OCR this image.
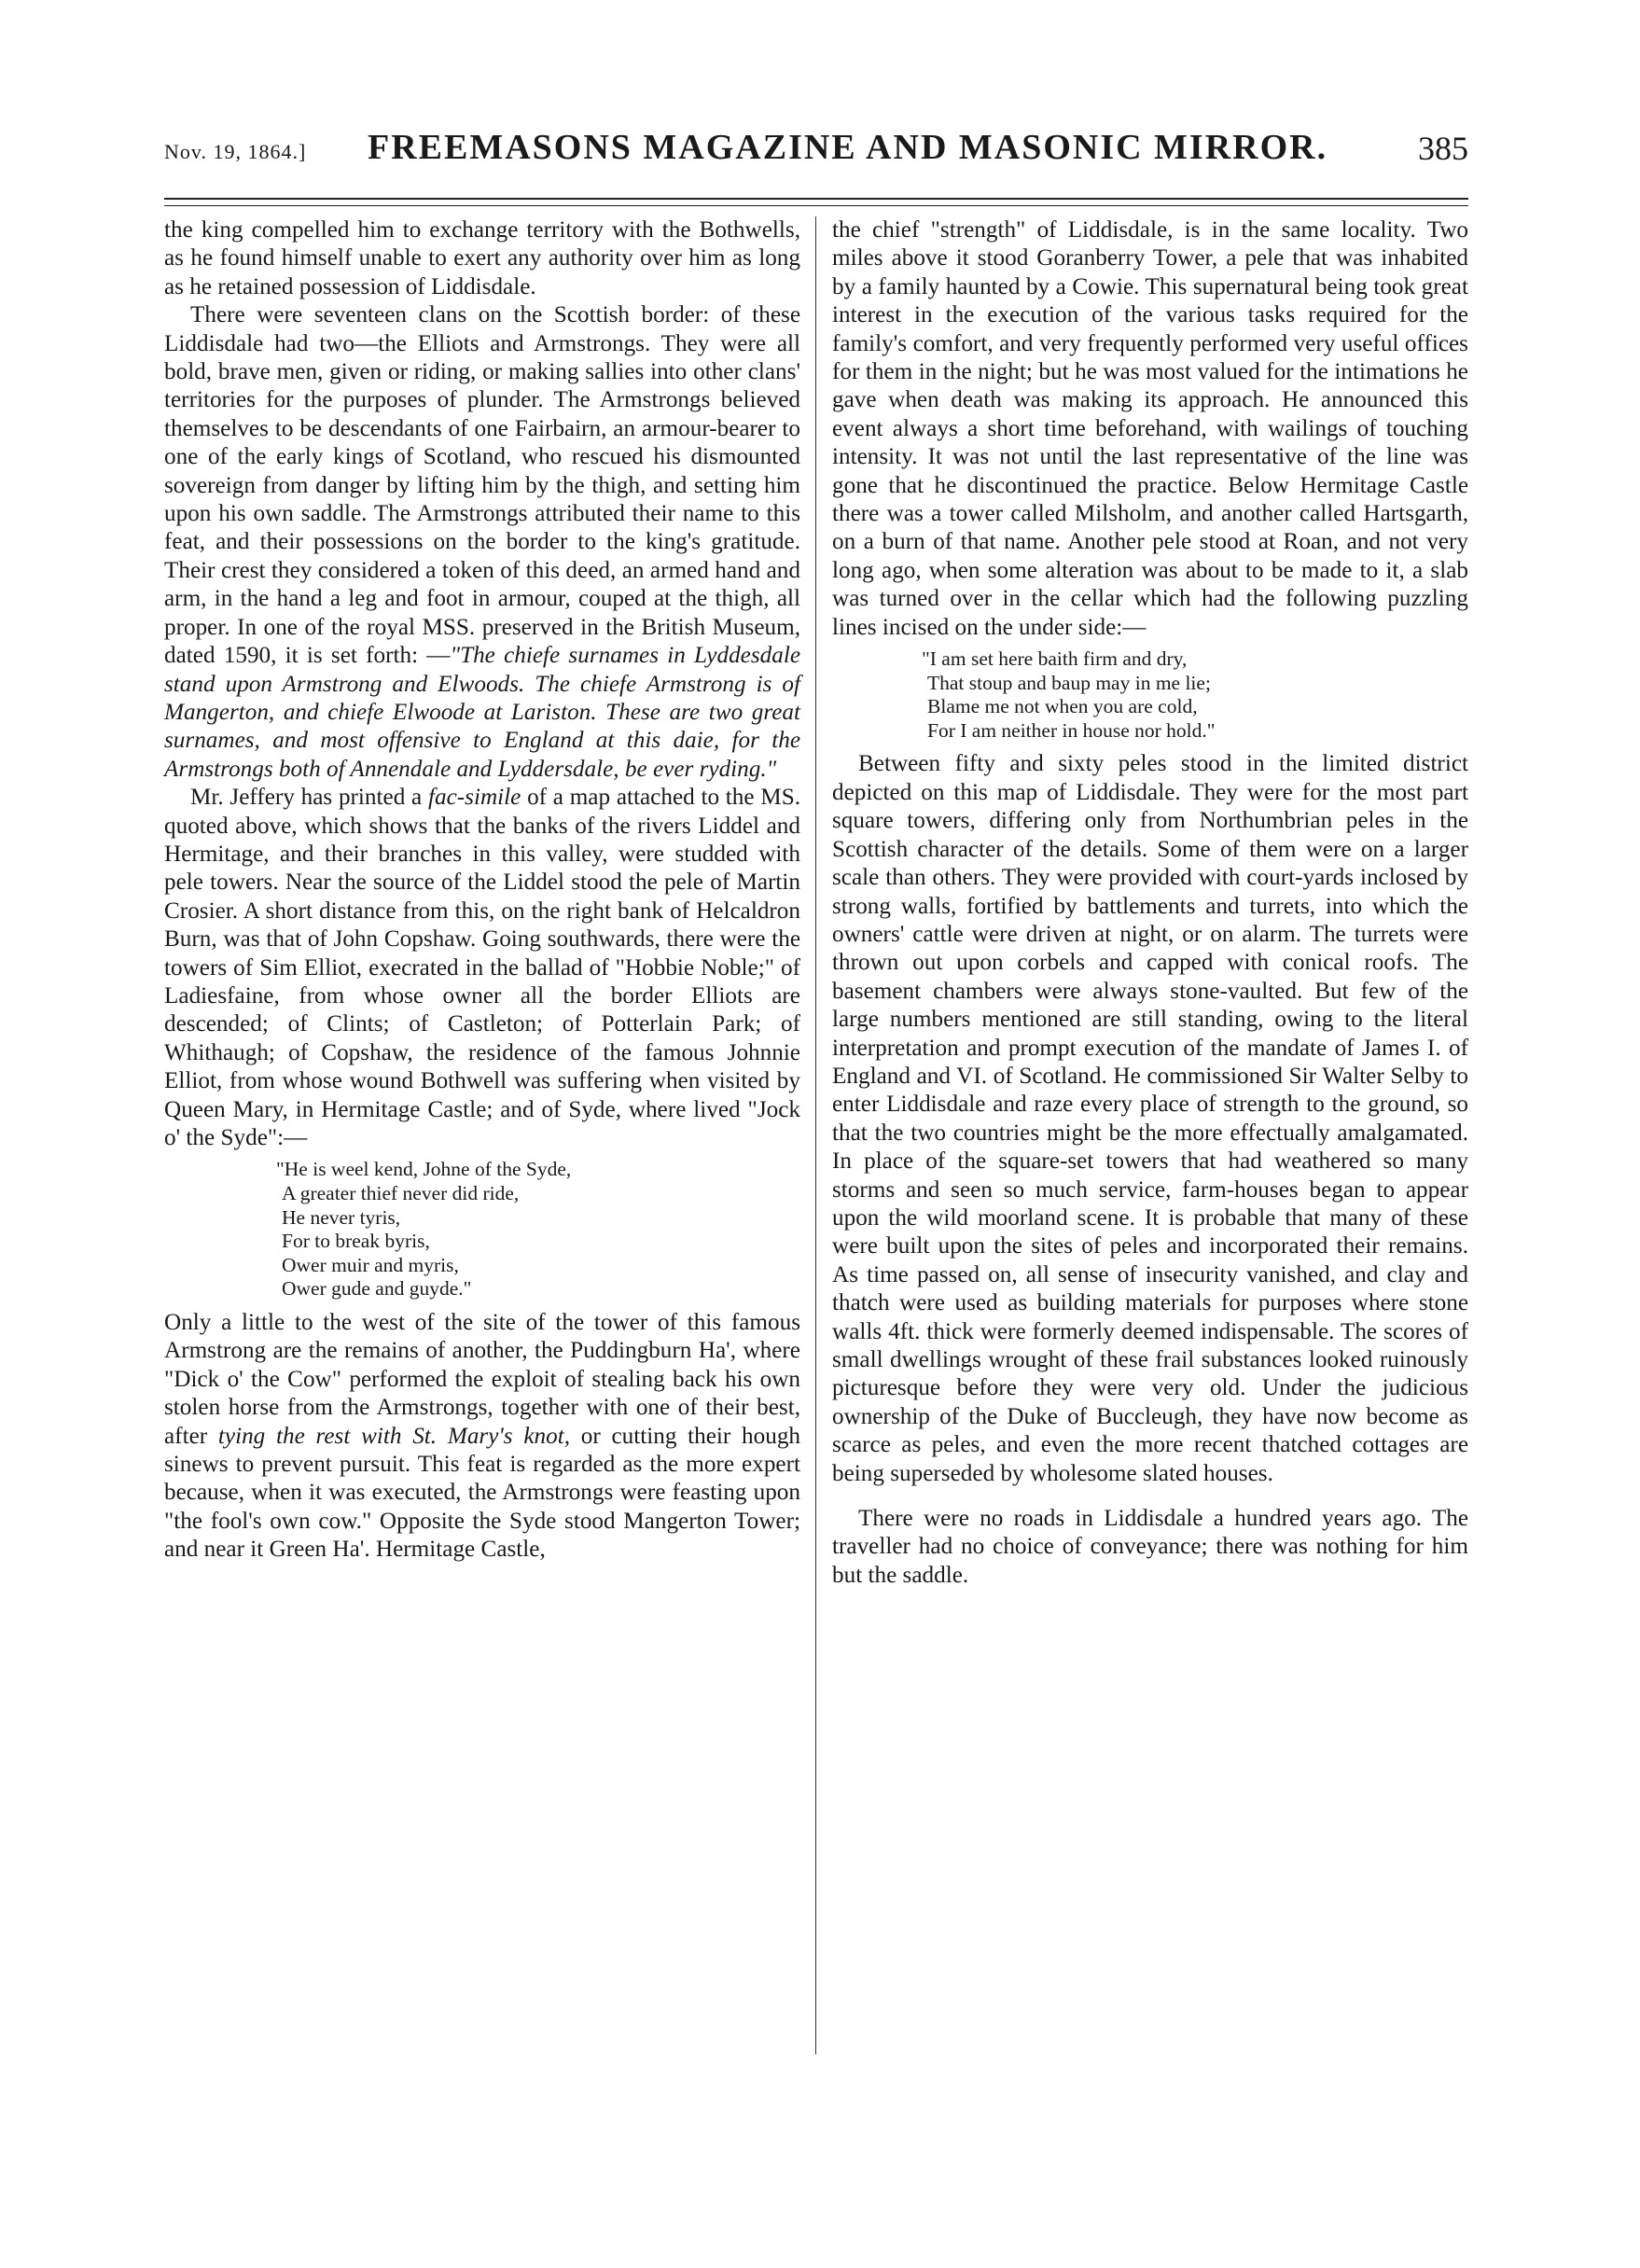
Nov. 19, 1864.] FREEMASONS MAGAZINE AND MASONIC MIRROR.	385

the king compelled him to exchange territory with the Bothwells, as he found himself unable to exert any authority over him as long as he retained possession of Liddisdale.

There were seventeen clans on the Scottish border: of these Liddisdale had two—the Elliots and Armstrongs. They were all bold, brave men, given or riding, or making sallies into other clans' territories for the purposes of plunder. The Armstrongs believed themselves to be descendants of one Fairbairn, an armour-bearer to one of the early kings of Scotland, who rescued his dismounted sovereign from danger by lifting him by the thigh, and setting him upon his own saddle. The Armstrongs attributed their name to this feat, and their possessions on the border to the king's gratitude. Their crest they considered a token of this deed, an armed hand and arm, in the hand a leg and foot in armour, couped at the thigh, all proper. In one of the royal MSS. preserved in the British Museum, dated 1590, it is set forth: —"The chiefe surnames in Lyddesdale stand upon Armstrong and Elwoods. The chiefe Armstrong is of Mangerton, and chiefe Elwoode at Lariston. These are two great surnames, and most offensive to England at this daie, for the Armstrongs both of Annendale and Lyddersdale, be ever ryding."

Mr. Jeffery has printed a fac-simile of a map attached to the MS. quoted above, which shows that the banks of the rivers Liddel and Hermitage, and their branches in this valley, were studded with pele towers. Near the source of the Liddel stood the pele of Martin Crosier. A short distance from this, on the right bank of Helcaldron Burn, was that of John Copshaw. Going southwards, there were the towers of Sim Elliot, execrated in the ballad of "Hobbie Noble;" of Ladiesfaine, from whose owner all the border Elliots are descended; of Clints; of Castleton; of Potterlain Park; of Whithaugh; of Copshaw, the residence of the famous Johnnie Elliot, from whose wound Bothwell was suffering when visited by Queen Mary, in Hermitage Castle; and of Syde, where lived "Jock o' the Syde":—

"He is weel kend, Johne of the Syde,
A greater thief never did ride,
He never tyris,
For to break byris,
Ower muir and myris,
Ower gude and guyde."

Only a little to the west of the site of the tower of this famous Armstrong are the remains of another, the Puddingburn Ha', where "Dick o' the Cow" performed the exploit of stealing back his own stolen horse from the Armstrongs, together with one of their best, after tying the rest with St. Mary's knot, or cutting their hough sinews to prevent pursuit. This feat is regarded as the more expert because, when it was executed, the Armstrongs were feasting upon "the fool's own cow." Opposite the Syde stood Mangerton Tower; and near it Green Ha'. Hermitage Castle,

the chief "strength" of Liddisdale, is in the same locality. Two miles above it stood Goranberry Tower, a pele that was inhabited by a family haunted by a Cowie. This supernatural being took great interest in the execution of the various tasks required for the family's comfort, and very frequently performed very useful offices for them in the night; but he was most valued for the intimations he gave when death was making its approach. He announced this event always a short time beforehand, with wailings of touching intensity. It was not until the last representative of the line was gone that he discontinued the practice. Below Hermitage Castle there was a tower called Milsholm, and another called Hartsgarth, on a burn of that name. Another pele stood at Roan, and not very long ago, when some alteration was about to be made to it, a slab was turned over in the cellar which had the following puzzling lines incised on the under side:—

"I am set here baith firm and dry,
That stoup and baup may in me lie;
Blame me not when you are cold,
For I am neither in house nor hold."

Between fifty and sixty peles stood in the limited district depicted on this map of Liddisdale. They were for the most part square towers, differing only from Northumbrian peles in the Scottish character of the details. Some of them were on a larger scale than others. They were provided with court-yards inclosed by strong walls, fortified by battlements and turrets, into which the owners' cattle were driven at night, or on alarm. The turrets were thrown out upon corbels and capped with conical roofs. The basement chambers were always stone-vaulted. But few of the large numbers mentioned are still standing, owing to the literal interpretation and prompt execution of the mandate of James I. of England and VI. of Scotland. He commissioned Sir Walter Selby to enter Liddisdale and raze every place of strength to the ground, so that the two countries might be the more effectually amalgamated. In place of the square-set towers that had weathered so many storms and seen so much service, farm-houses began to appear upon the wild moorland scene. It is probable that many of these were built upon the sites of peles and incorporated their remains. As time passed on, all sense of insecurity vanished, and clay and thatch were used as building materials for purposes where stone walls 4ft. thick were formerly deemed indispensable. The scores of small dwellings wrought of these frail substances looked ruinously picturesque before they were very old. Under the judicious ownership of the Duke of Buccleugh, they have now become as scarce as peles, and even the more recent thatched cottages are being superseded by wholesome slated houses.

There were no roads in Liddisdale a hundred years ago. The traveller had no choice of conveyance; there was nothing for him but the saddle.
